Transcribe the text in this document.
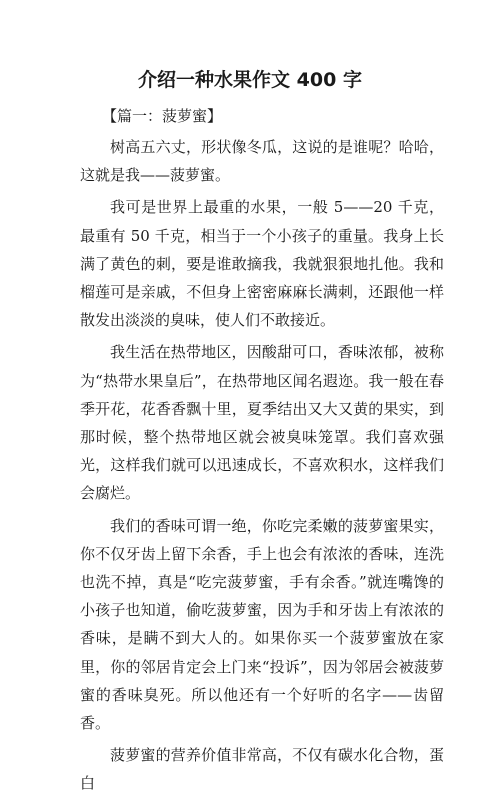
介绍一种水果作文 400 字

【篇一：菠萝蜜】

树高五六丈，形状像冬瓜，这说的是谁呢？哈哈，这就是我——菠萝蜜。

我可是世界上最重的水果，一般 5——20 千克，最重有 50 千克，相当于一个小孩子的重量。我身上长满了黄色的刺，要是谁敢摘我，我就狠狠地扎他。我和榴莲可是亲戚，不但身上密密麻麻长满刺，还跟他一样散发出淡淡的臭味，使人们不敢接近。

我生活在热带地区，因酸甜可口，香味浓郁，被称为“热带水果皇后”，在热带地区闻名遐迩。我一般在春季开花，花香香飘十里，夏季结出又大又黄的果实，到那时候，整个热带地区就会被臭味笼罩。我们喜欢强光，这样我们就可以迅速成长，不喜欢积水，这样我们会腐烂。

我们的香味可谓一绝，你吃完柔嫩的菠萝蜜果实，你不仅牙齿上留下余香，手上也会有浓浓的香味，连洗也洗不掉，真是“吃完菠萝蜜，手有余香。”就连嘴馋的小孩子也知道，偷吃菠萝蜜，因为手和牙齿上有浓浓的香味，是瞒不到大人的。如果你买一个菠萝蜜放在家里，你的邻居肯定会上门来“投诉”，因为邻居会被菠萝蜜的香味臭死。所以他还有一个好听的名字——齿留香。

菠萝蜜的营养价值非常高，不仅有碳水化合物，蛋白
